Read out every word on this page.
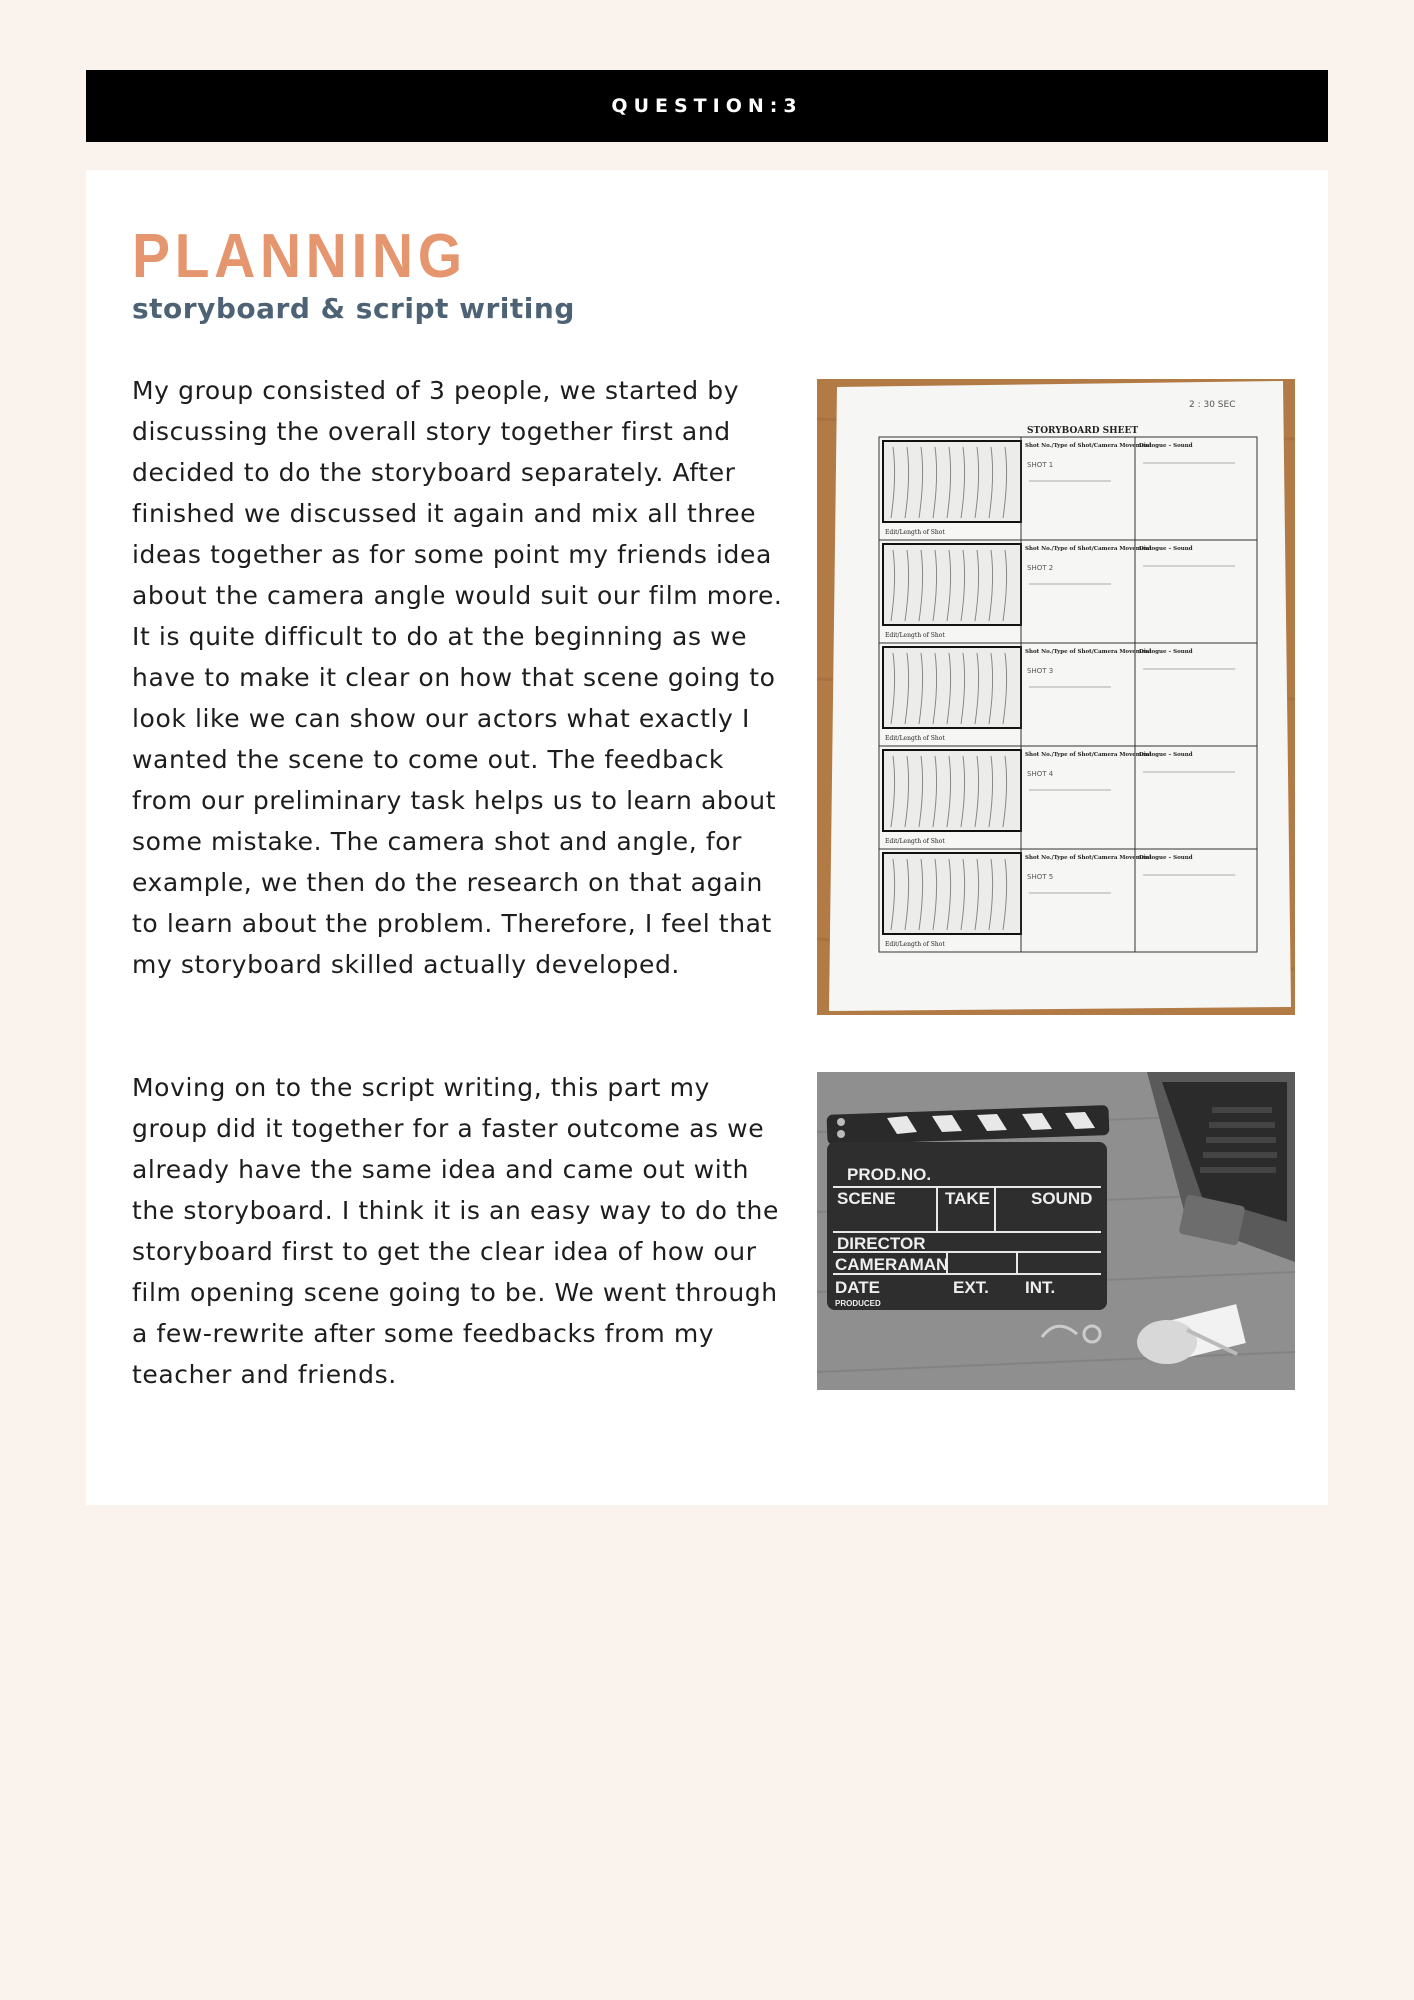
QUESTION:3
PLANNING
storyboard & script writing

My group consisted of 3 people, we started by discussing the overall story together first and decided to do the storyboard separately. After finished we discussed it again and mix all three ideas together as for some point my friends idea about the camera angle would suit our film more. It is quite difficult to do at the beginning as we have to make it clear on how that scene going to look like we can show our actors what exactly I wanted the scene to come out. The feedback from our preliminary task helps us to learn about some mistake. The camera shot and angle, for example, we then do the research on that again to learn about the problem. Therefore, I feel that my storyboard skilled actually developed.

Moving on to the script writing, this part my group did it together for a faster outcome as we already have the same idea and came out with the storyboard. I think it is an easy way to do the storyboard first to get the clear idea of how our film opening scene going to be. We went through a few-rewrite after some feedbacks from my teacher and friends.

2 : 30 SEC
STORYBOARD SHEET
Edit/Length of Shot
Shot No./Type of Shot/Camera Movement
Dialogue – Sound
SHOT 1
Edit/Length of Shot
Shot No./Type of Shot/Camera Movement
Dialogue – Sound
SHOT 2
Edit/Length of Shot
Shot No./Type of Shot/Camera Movement
Dialogue – Sound
SHOT 3
Edit/Length of Shot
Shot No./Type of Shot/Camera Movement
Dialogue – Sound
SHOT 4
Edit/Length of Shot
Shot No./Type of Shot/Camera Movement
Dialogue – Sound
SHOT 5
PROD.NO.
SCENE	TAKE SOUND
DIRECTOR
CAMERAMAN
DATE	EXT. INT.
PRODUCED
